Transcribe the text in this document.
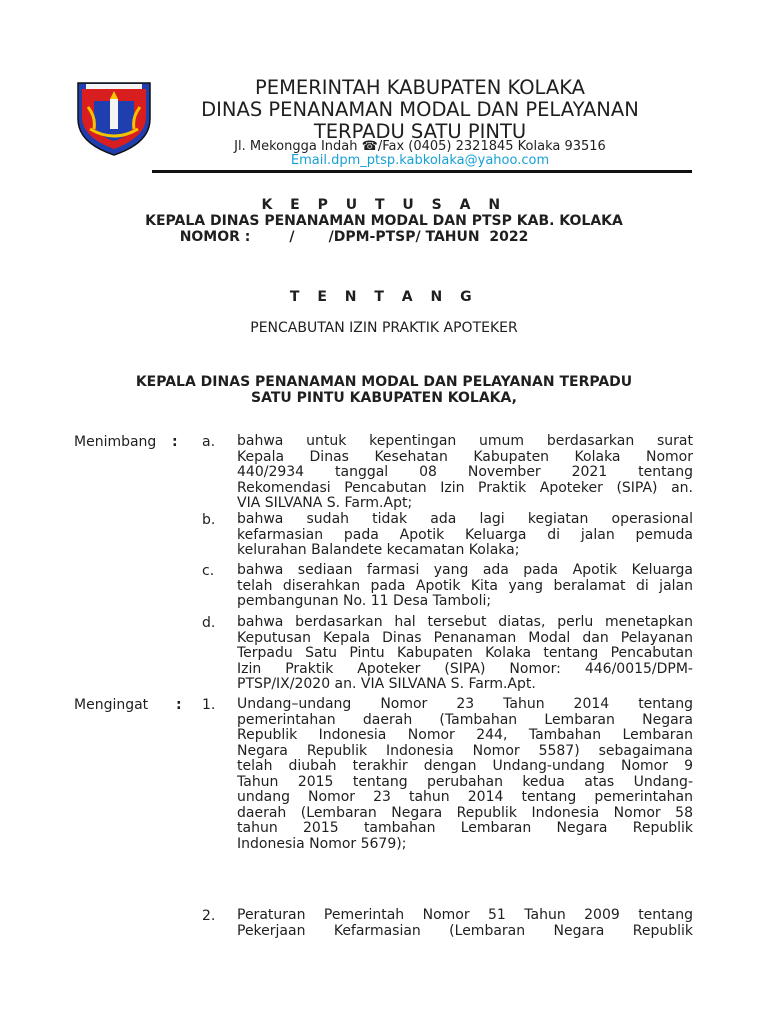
PEMERINTAH KABUPATEN KOLAKA
DINAS PENANAMAN MODAL DAN PELAYANAN
TERPADU SATU PINTU
Jl. Mekongga Indah ☎/Fax (0405) 2321845 Kolaka 93516
Email.dpm_ptsp.kabkolaka@yahoo.com
K E P U T U S A N
KEPALA DINAS PENANAMAN MODAL DAN PTSP KAB. KOLAKA
NOMOR :        /       /DPM-PTSP/ TAHUN  2022
T E N T A N G
PENCABUTAN IZIN PRAKTIK APOTEKER
KEPALA DINAS PENANAMAN MODAL DAN PELAYANAN TERPADU
SATU PINTU KABUPATEN KOLAKA,
Menimbang : a. bahwa untuk kepentingan umum berdasarkan surat
Kepala Dinas Kesehatan Kabupaten Kolaka Nomor
440/2934 tanggal 08 November 2021 tentang
Rekomendasi Pencabutan Izin Praktik Apoteker (SIPA) an.
VIA SILVANA S. Farm.Apt;
b. bahwa sudah tidak ada lagi kegiatan operasional
kefarmasian pada Apotik Keluarga di jalan pemuda
kelurahan Balandete kecamatan Kolaka;
c. bahwa sediaan farmasi yang ada pada Apotik Keluarga
telah diserahkan pada Apotik Kita yang beralamat di jalan
pembangunan No. 11 Desa Tamboli;
d. bahwa berdasarkan hal tersebut diatas, perlu menetapkan
Keputusan Kepala Dinas Penanaman Modal dan Pelayanan
Terpadu Satu Pintu Kabupaten Kolaka tentang Pencabutan
Izin Praktik Apoteker (SIPA) Nomor: 446/0015/DPM-
PTSP/IX/2020 an. VIA SILVANA S. Farm.Apt.
Mengingat : 1. Undang–undang Nomor 23 Tahun 2014 tentang
pemerintahan daerah (Tambahan Lembaran Negara
Republik Indonesia Nomor 244, Tambahan Lembaran
Negara Republik Indonesia Nomor 5587) sebagaimana
telah diubah terakhir dengan Undang-undang Nomor 9
Tahun 2015 tentang perubahan kedua atas Undang-
undang Nomor 23 tahun 2014 tentang pemerintahan
daerah (Lembaran Negara Republik Indonesia Nomor 58
tahun 2015 tambahan Lembaran Negara Republik
Indonesia Nomor 5679);
2. Peraturan Pemerintah Nomor 51 Tahun 2009 tentang
Pekerjaan Kefarmasian (Lembaran Negara Republik
